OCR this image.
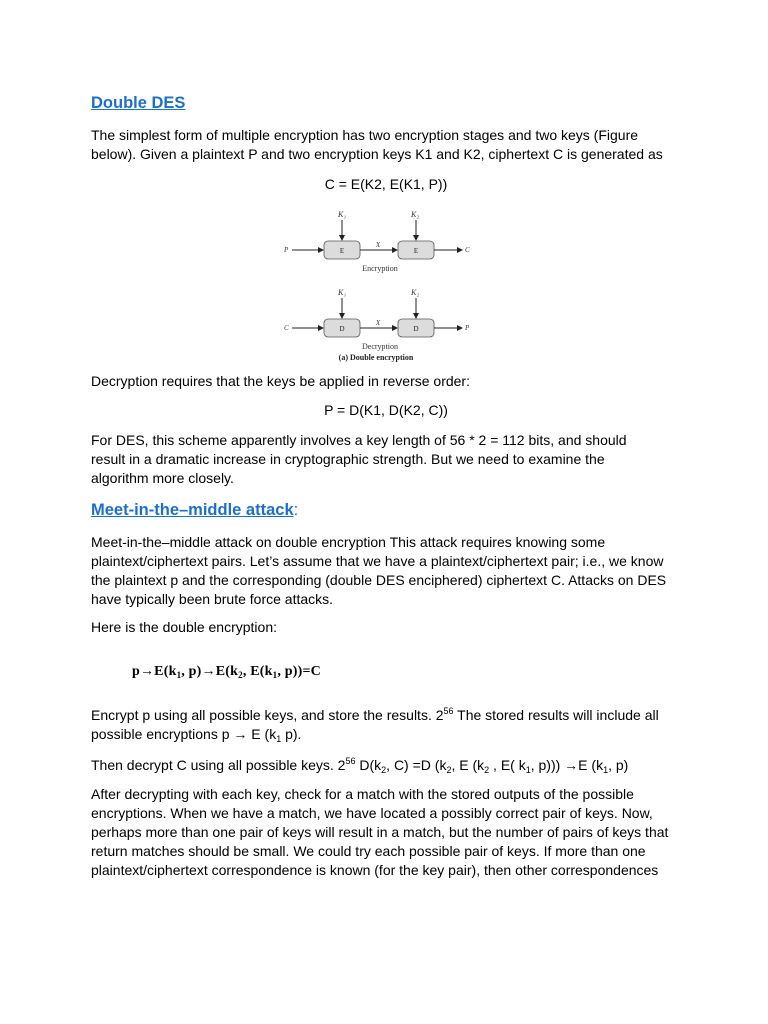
Double DES
The simplest form of multiple encryption has two encryption stages and two keys (Figure
below). Given a plaintext P and two encryption keys K1 and K2, ciphertext C is generated as
C = E(K2, E(K1, P))
K₁	K₂
P	E
X
E	C
Encryption
K₁	K₂
C	D
X
D	P
Decryption
(a) Double encryption
Decryption requires that the keys be applied in reverse order:
P = D(K1, D(K2, C))
For DES, this scheme apparently involves a key length of 56 * 2 = 112 bits, and should
result in a dramatic increase in cryptographic strength. But we need to examine the
algorithm more closely.
Meet-in-the–middle attack:
Meet-in-the–middle attack on double encryption This attack requires knowing some
plaintext/ciphertext pairs. Let’s assume that we have a plaintext/ciphertext pair; i.e., we know
the plaintext p and the corresponding (double DES enciphered) ciphertext C. Attacks on DES
have typically been brute force attacks.
Here is the double encryption:
$p\to E(k_1$, $p)\to E(k_2$, $E(k_1$, p))=C
Encrypt p using all possible keys, and store the results. $2^{56}$ The stored results will include all
possible encryptions p → E ($k_1$ p).
Then decrypt C using all possible keys. $2^{56}$ $D(k_2$, C) =D ($k_2$, E ($k_2$ , E( $k_1$, p))) →E ($k_1$, p)
After decrypting with each key, check for a match with the stored outputs of the possible
encryptions. When we have a match, we have located a possibly correct pair of keys. Now,
perhaps more than one pair of keys will result in a match, but the number of pairs of keys that
return matches should be small. We could try each possible pair of keys. If more than one
plaintext/ciphertext correspondence is known (for the key pair), then other correspondences
